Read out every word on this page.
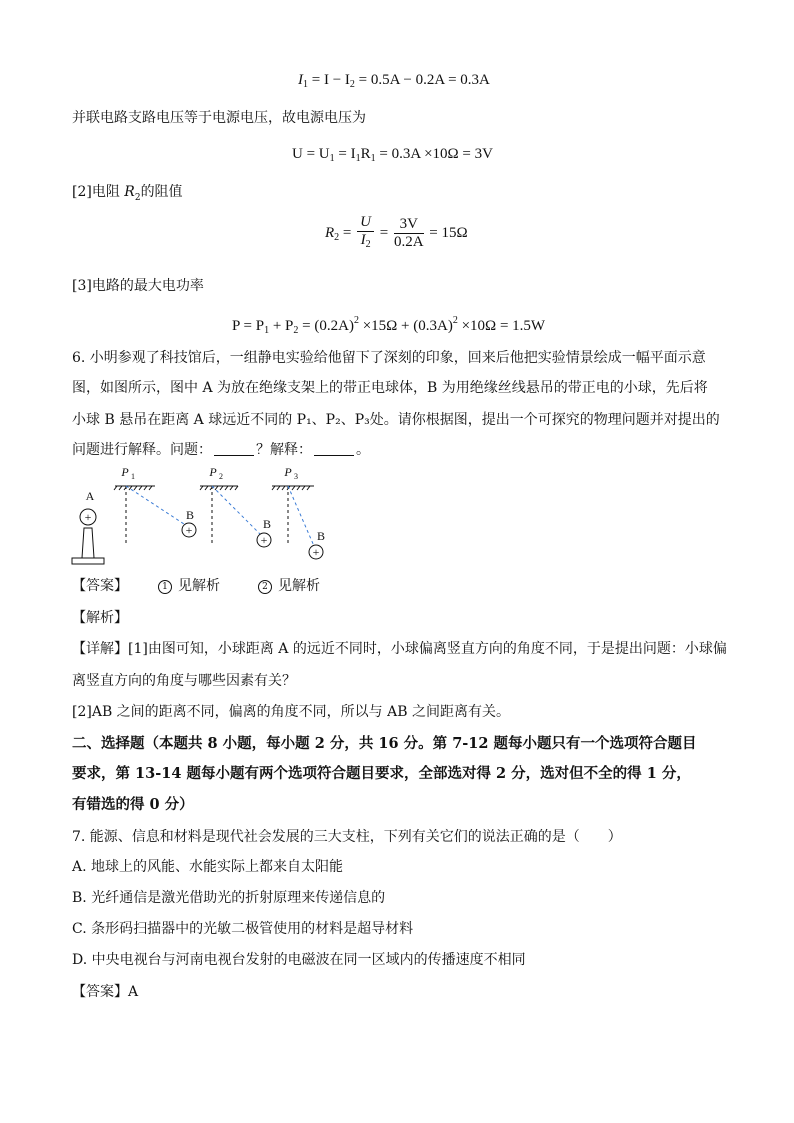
$I_1 = I - I_2 = 0.5A - 0.2A = 0.3A$
并联电路支路电压等于电源电压，故电源电压为
$U = U_1 = I_1R_1 = 0.3A \times 10\Omega = 3V$
[2]电阻 $R_2$的阻值
$R_2 = \frac{U}{I_2} = \frac{3V}{0.2A} = 15\Omega$
[3]电路的最大电功率
$P = P_1 + P_2 = (0.2A)^2 \times 15\Omega + (0.3A)^2 \times 10\Omega = 1.5W$
6. 小明参观了科技馆后，一组静电实验给他留下了深刻的印象，回来后他把实验情景绘成一幅平面示意
图，如图所示，图中 A 为放在绝缘支架上的带正电球体，B 为用绝缘丝线悬吊的带正电的小球，先后将
小球 B 悬吊在距离 A 球远近不同的 P₁、P₂、P₃处。请你根据图，提出一个可探究的物理问题并对提出的
问题进行解释。问题：	？解释：	。
+
+
+
+
A
B
B
B
P 1	P 2	P 3
【答案】	1 见解析	2 见解析
【解析】
【详解】[1]由图可知，小球距离 A 的远近不同时，小球偏离竖直方向的角度不同，于是提出问题：小球偏
离竖直方向的角度与哪些因素有关？
[2]AB 之间的距离不同，偏离的角度不同，所以与 AB 之间距离有关。
二、选择题（本题共 8 小题，每小题 2 分，共 16 分。第 7-12 题每小题只有一个选项符合题目
要求，第 13-14 题每小题有两个选项符合题目要求，全部选对得 2 分，选对但不全的得 1 分，
有错选的得 0 分）
7. 能源、信息和材料是现代社会发展的三大支柱，下列有关它们的说法正确的是（　　）
A. 地球上的风能、水能实际上都来自太阳能
B. 光纤通信是激光借助光的折射原理来传递信息的
C. 条形码扫描器中的光敏二极管使用的材料是超导材料
D. 中央电视台与河南电视台发射的电磁波在同一区域内的传播速度不相同
【答案】A
